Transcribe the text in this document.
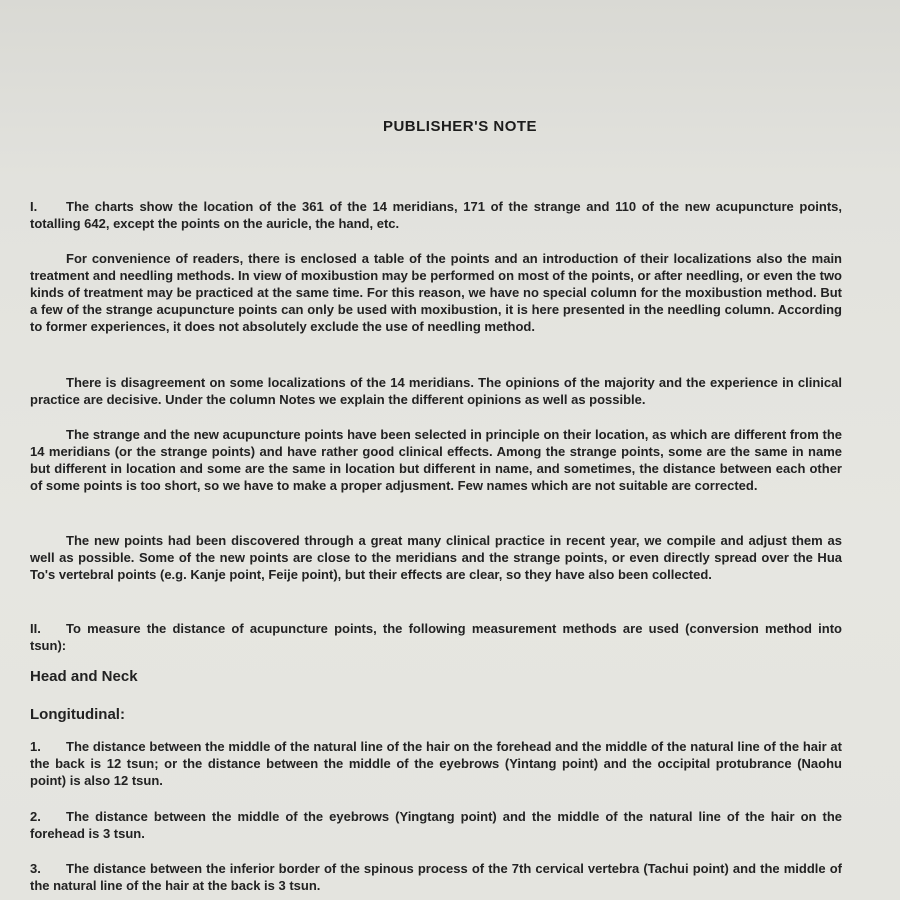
PUBLISHER'S NOTE

I. The charts show the location of the 361 of the 14 meridians, 171 of the strange and 110 of the new acupuncture points, totalling 642, except the points on the auricle, the hand, etc.

For convenience of readers, there is enclosed a table of the points and an introduction of their localizations also the main treatment and needling methods. In view of moxibustion may be performed on most of the points, or after needling, or even the two kinds of treatment may be practiced at the same time. For this reason, we have no special column for the moxibustion method. But a few of the strange acupuncture points can only be used with moxibustion, it is here presented in the needling column. According to former experiences, it does not absolutely exclude the use of needling method.

There is disagreement on some localizations of the 14 meridians. The opinions of the majority and the experience in clinical practice are decisive. Under the column Notes we explain the different opinions as well as possible.

The strange and the new acupuncture points have been selected in principle on their location, as which are different from the 14 meridians (or the strange points) and have rather good clinical effects. Among the strange points, some are the same in name but different in location and some are the same in location but different in name, and sometimes, the distance between each other of some points is too short, so we have to make a proper adjusment. Few names which are not suitable are corrected.

The new points had been discovered through a great many clinical practice in recent year, we compile and adjust them as well as possible. Some of the new points are close to the meridians and the strange points, or even directly spread over the Hua To's vertebral points (e.g. Kanje point, Feije point), but their effects are clear, so they have also been collected.

II. To measure the distance of acupuncture points, the following measurement methods are used (conversion method into tsun):

Head and Neck
Longitudinal:

1. The distance between the middle of the natural line of the hair on the forehead and the middle of the natural line of the hair at the back is 12 tsun; or the distance between the middle of the eyebrows (Yintang point) and the occipital protubrance (Naohu point) is also 12 tsun.

2. The distance between the middle of the eyebrows (Yingtang point) and the middle of the natural line of the hair on the forehead is 3 tsun.

3. The distance between the inferior border of the spinous process of the 7th cervical vertebra (Tachui point) and the middle of the natural line of the hair at the back is 3 tsun.
